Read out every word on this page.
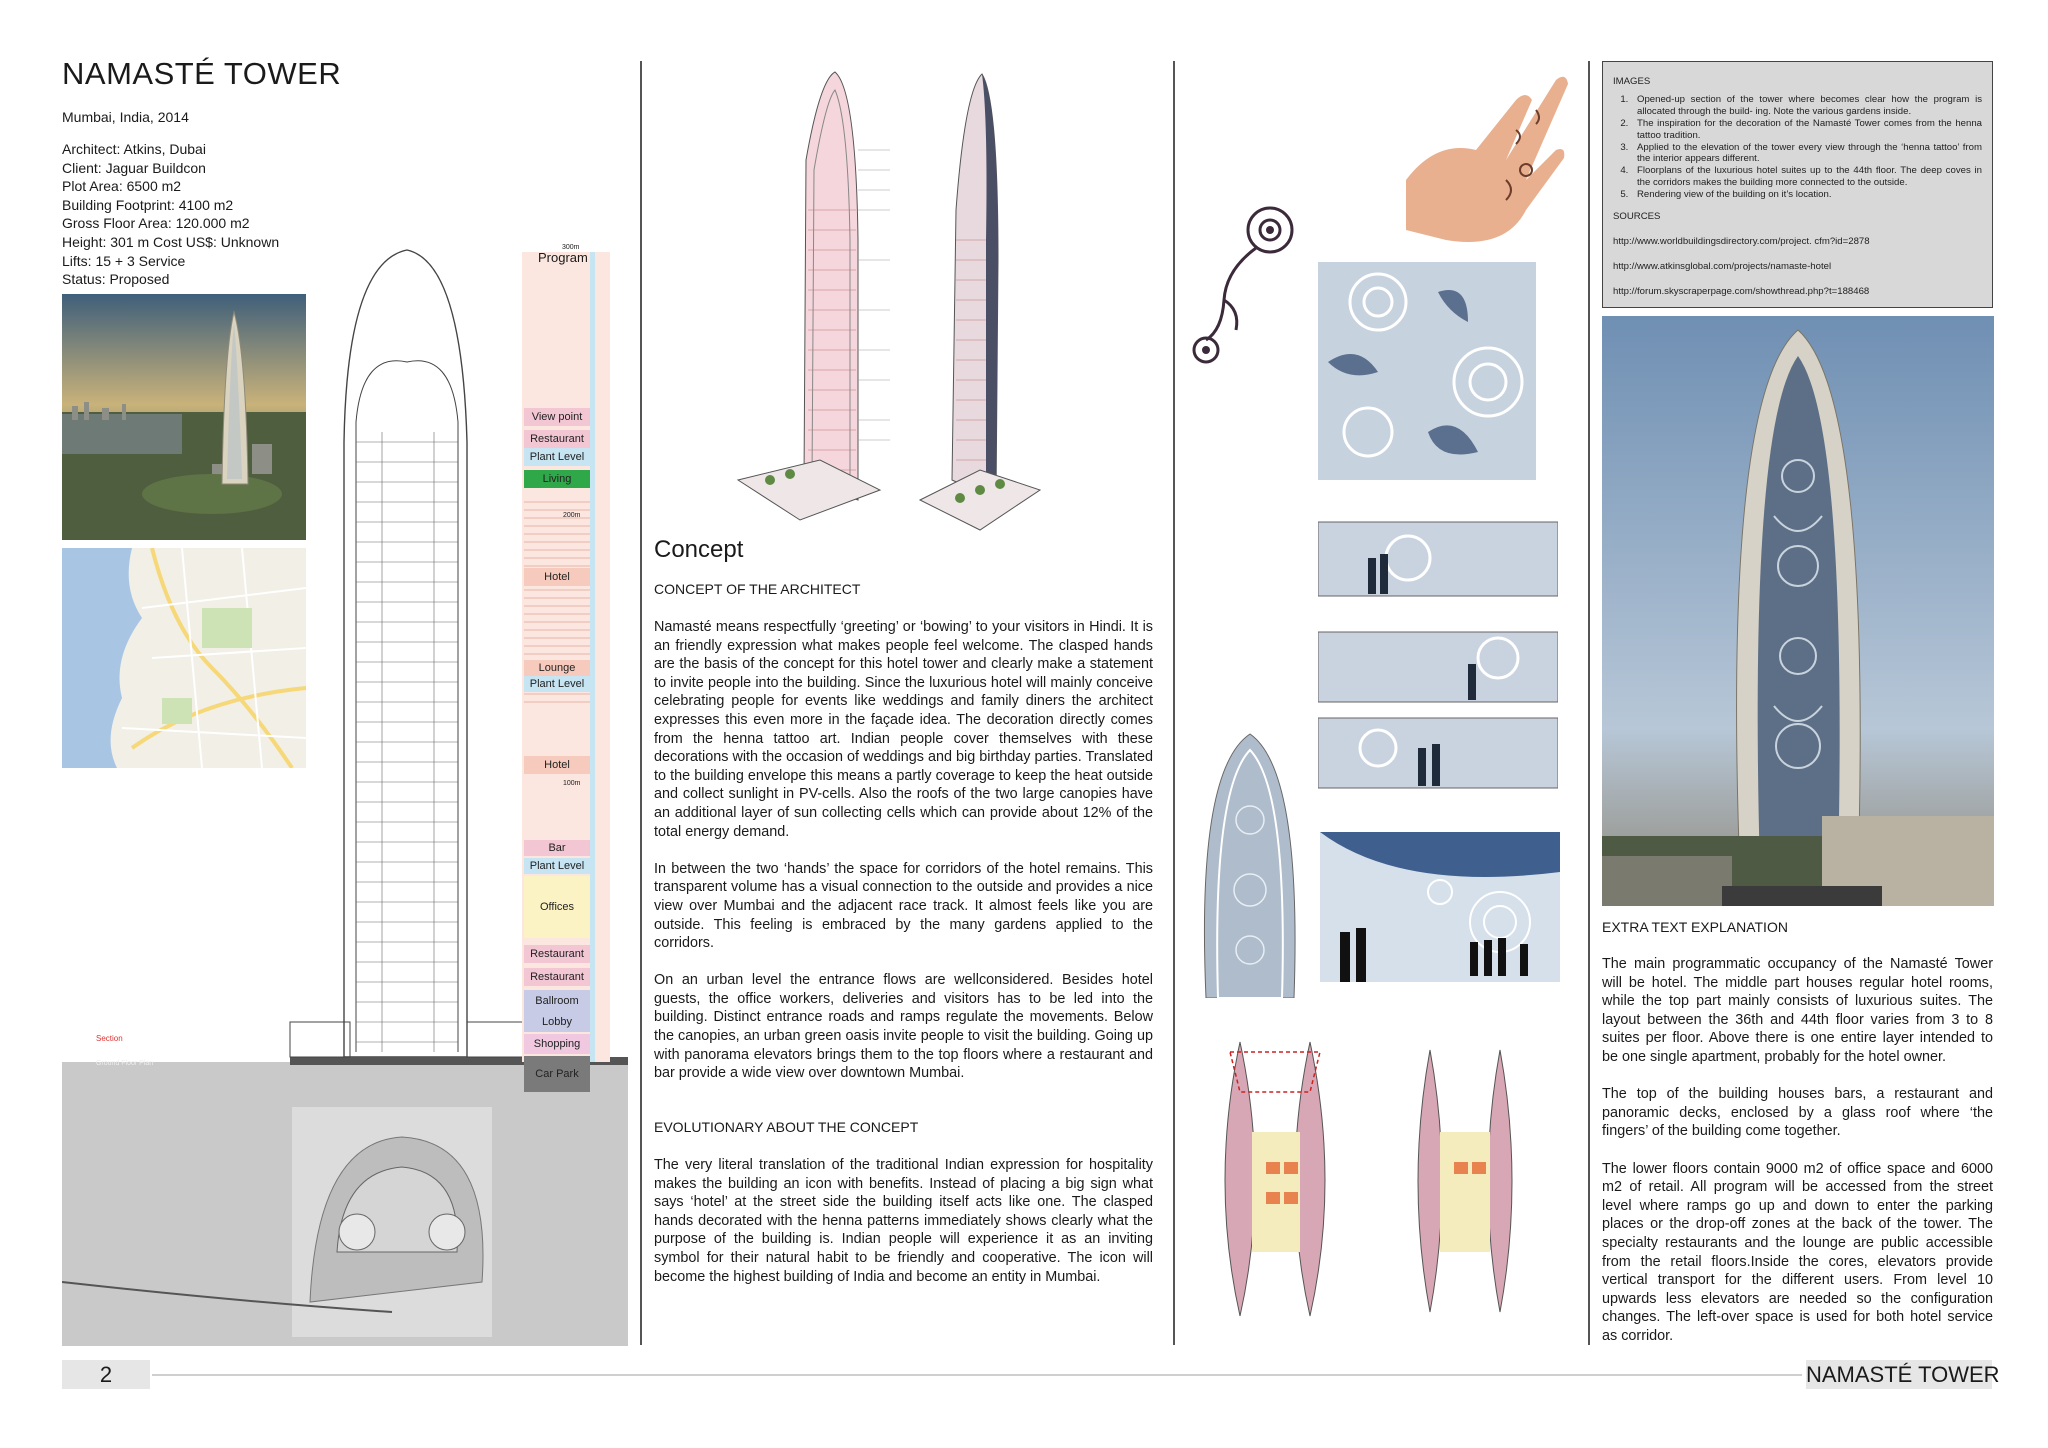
NAMASTÉ TOWER
Mumbai, India, 2014
Architect: Atkins, Dubai
Client: Jaguar Buildcon
Plot Area: 6500 m2
Building Footprint: 4100 m2
Gross Floor Area: 120.000 m2
Height: 301 m Cost US$: Unknown
Lifts: 15 + 3 Service
Status: Proposed
Program
300m
200m
100m
Section
Ground Floor Plan
View point
Restaurant
Plant Level
Living
Hotel
Lounge
Plant Level
Hotel
Bar
Plant Level
Offices
Restaurant
Restaurant
Ballroom
Lobby
Shopping
Car Park
Concept
CONCEPT OF THE ARCHITECT

Namasté means respectfully ‘greeting’ or ‘bowing’ to your visitors in Hindi. It is an friendly expression what makes people feel welcome. The clasped hands are the basis of the concept for this hotel tower and clearly make a statement to invite people into the building. Since the luxurious hotel will mainly conceive celebrating people for events like weddings and family diners the architect expresses this even more in the façade idea. The decoration directly comes from the henna tattoo art. Indian people cover themselves with these decorations with the occasion of weddings and big birthday parties. Translated to the building envelope this means a partly coverage to keep the heat outside and collect sunlight in PV-cells. Also the roofs of the two large canopies have an additional layer of sun collecting cells which can provide about 12% of the total energy demand.

In between the two ‘hands’ the space for corridors of the hotel remains. This transparent volume has a visual connection to the outside and provides a nice view over Mumbai and the adjacent race track. It almost feels like you are outside. This feeling is embraced by the many gardens applied to the corridors.

On an urban level the entrance flows are wellconsidered. Besides hotel guests, the office workers, deliveries and visitors has to be led into the building. Distinct entrance roads and ramps regulate the movements. Below the canopies, an urban green oasis invite people to visit the building. Going up with panorama elevators brings them to the top floors where a restaurant and bar provide a wide view over downtown Mumbai.

EVOLUTIONARY ABOUT THE CONCEPT

The very literal translation of the traditional Indian expression for hospitality makes the building an icon with benefits. Instead of placing a big sign what says ‘hotel’ at the street side the building itself acts like one. The clasped hands decorated with the henna patterns immediately shows clearly what the purpose of the building is. Indian people will experience it as an inviting symbol for their natural habit to be friendly and cooperative. The icon will become the highest building of India and become an entity in Mumbai.

IMAGES
1. Opened-up section of the tower where becomes clear how the program is allocated through the build- ing. Note the various gardens inside.
2. The inspiration for the decoration of the Namasté Tower comes from the henna tattoo tradition.
3. Applied to the elevation of the tower every view through the ‘henna tattoo’ from the interior appears different.
4. Floorplans of the luxurious hotel suites up to the 44th floor. The deep coves in the corridors makes the building more connected to the outside.
5. Rendering view of the building on it’s location.
SOURCES
http://www.worldbuildingsdirectory.com/project. cfm?id=2878
http://www.atkinsglobal.com/projects/namaste-hotel
http://forum.skyscraperpage.com/showthread.php?t=188468
EXTRA TEXT EXPLANATION

The main programmatic occupancy of the Namasté Tower will be hotel. The middle part houses regular hotel rooms, while the top part mainly consists of luxurious suites. The layout between the 36th and 44th floor varies from 3 to 8 suites per floor. Above there is one entire layer intended to be one single apartment, probably for the hotel owner.

The top of the building houses bars, a restaurant and panoramic decks, enclosed by a glass roof where ‘the fingers’ of the building come together.

The lower floors contain 9000 m2 of office space and 6000 m2 of retail. All program will be accessed from the street level where ramps go up and down to enter the parking places or the drop-off zones at the back of the tower. The specialty restaurants and the lounge are public accessible from the retail floors.Inside the cores, elevators provide vertical transport for the different users. From level 10 upwards less elevators are needed so the configuration changes. The left-over space is used for both hotel service as corridor.

2	NAMASTÉ TOWER
